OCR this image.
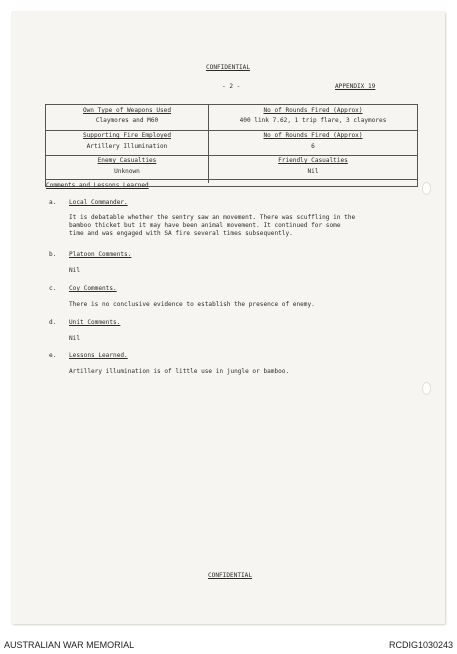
CONFIDENTIAL
- 2 -	APPENDIX 19
Own Type of Weapons Used
Claymores and M60
No of Rounds Fired (Approx)
400 link 7.62, 1 trip flare, 3 claymores
Supporting Fire Employed
Artillery Illumination
No of Rounds Fired (Approx)
6
Enemy Casualties
Unknown
Friendly Casualties
Nil
Comments and Lessons Learned
a. Local Commander.
It is debatable whether the sentry saw an movement. There was scuffling in the
bamboo thicket but it may have been animal movement. It continued for some
time and was engaged with SA fire several times subsequently.
b. Platoon Comments.
Nil
c. Coy Comments.
There is no conclusive evidence to establish the presence of enemy.
d. Unit Comments.
Nil
e. Lessons Learned.
Artillery illumination is of little use in jungle or bamboo.
CONFIDENTIAL
AUSTRALIAN WAR MEMORIAL	RCDIG1030243
